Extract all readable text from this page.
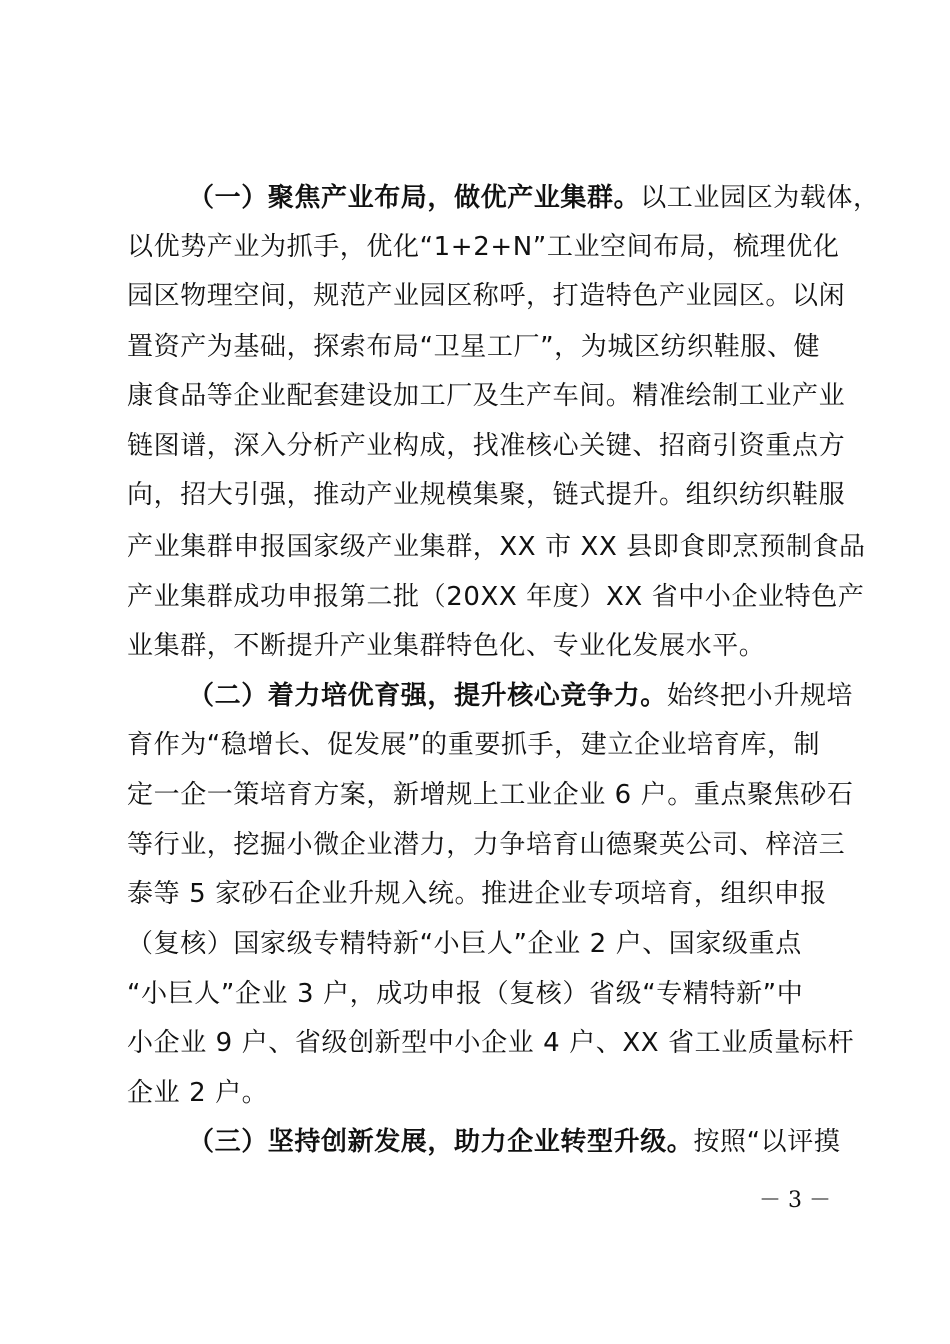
（一）聚焦产业布局，做优产业集群。以工业园区为载体，
以优势产业为抓手，优化“1+2+N”工业空间布局，梳理优化
园区物理空间，规范产业园区称呼，打造特色产业园区。以闲
置资产为基础，探索布局“卫星工厂”，为城区纺织鞋服、健
康食品等企业配套建设加工厂及生产车间。精准绘制工业产业
链图谱，深入分析产业构成，找准核心关键、招商引资重点方
向，招大引强，推动产业规模集聚，链式提升。组织纺织鞋服
产业集群申报国家级产业集群，XX 市 XX 县即食即烹预制食品
产业集群成功申报第二批（20XX 年度）XX 省中小企业特色产
业集群，不断提升产业集群特色化、专业化发展水平。
（二）着力培优育强，提升核心竞争力。始终把小升规培
育作为“稳增长、促发展”的重要抓手，建立企业培育库，制
定一企一策培育方案，新增规上工业企业 6 户。重点聚焦砂石
等行业，挖掘小微企业潜力，力争培育山德聚英公司、梓涪三
泰等 5 家砂石企业升规入统。推进企业专项培育，组织申报
（复核）国家级专精特新“小巨人”企业 2 户、国家级重点
“小巨人”企业 3 户，成功申报（复核）省级“专精特新”中
小企业 9 户、省级创新型中小企业 4 户、XX 省工业质量标杆
企业 2 户。
（三）坚持创新发展，助力企业转型升级。按照“以评摸
－ 3 －
